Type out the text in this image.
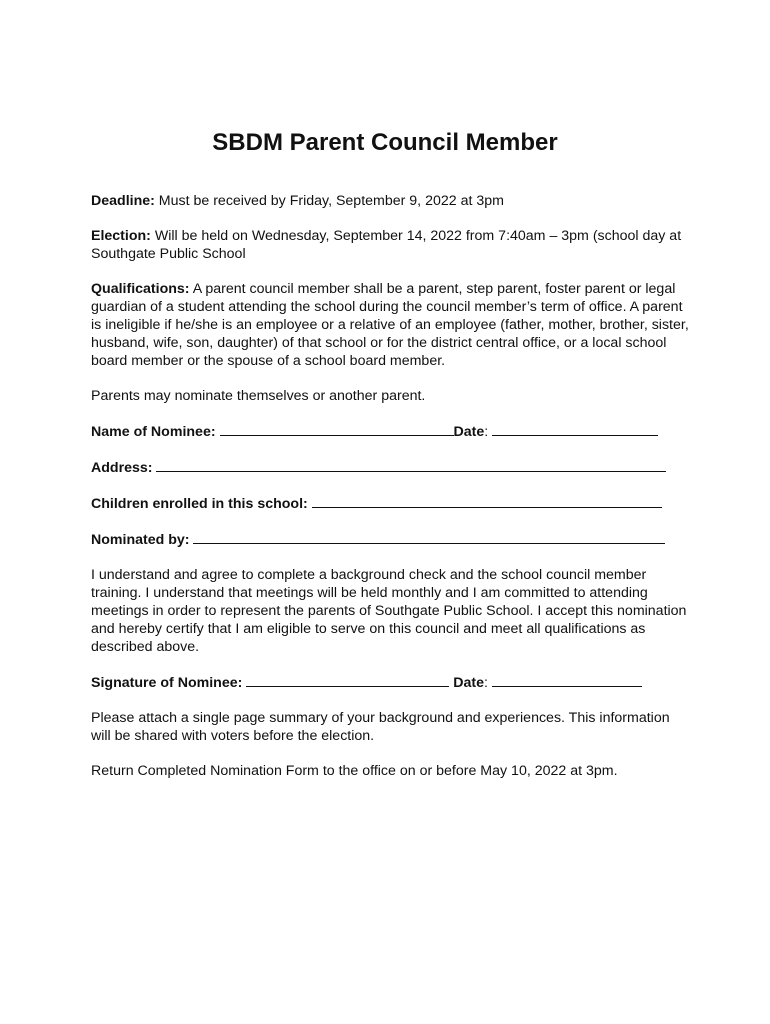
SBDM Parent Council Member

Deadline: Must be received by Friday, September 9, 2022 at 3pm

Election: Will be held on Wednesday, September 14, 2022 from 7:40am – 3pm (school day at Southgate Public School

Qualifications: A parent council member shall be a parent, step parent, foster parent or legal guardian of a student attending the school during the council member’s term of office. A parent is ineligible if he/she is an employee or a relative of an employee (father, mother, brother, sister, husband, wife, son, daughter) of that school or for the district central office, or a local school board member or the spouse of a school board member.

Parents may nominate themselves or another parent.

Name of Nominee:	Date:
Address:
Children enrolled in this school:
Nominated by:

I understand and agree to complete a background check and the school council member training. I understand that meetings will be held monthly and I am committed to attending meetings in order to represent the parents of Southgate Public School. I accept this nomination and hereby certify that I am eligible to serve on this council and meet all qualifications as described above.

Signature of Nominee:	Date:

Please attach a single page summary of your background and experiences. This information will be shared with voters before the election.

Return Completed Nomination Form to the office on or before May 10, 2022 at 3pm.
